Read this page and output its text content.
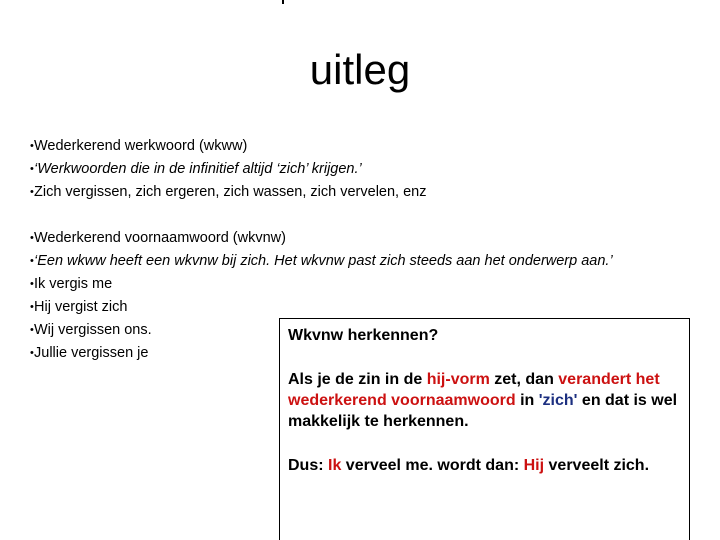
uitleg
• Wederkerend werkwoord (wkww)
• ‘Werkwoorden die in de infinitief altijd ‘zich’ krijgen.’
• Zich vergissen, zich ergeren, zich wassen, zich vervelen, enz
• Wederkerend voornaamwoord (wkvnw)
• ‘Een wkww heeft een wkvnw bij zich. Het wkvnw past zich steeds aan het onderwerp aan.’
• Ik vergis me
• Hij vergist zich
• Wij vergissen ons.
• Jullie vergissen je
Wkvnw herkennen?

Als je de zin in de hij-vorm zet, dan verandert het wederkerend voornaamwoord in 'zich' en dat is wel makkelijk te herkennen.

Dus: Ik verveel me. wordt dan: Hij verveelt zich.
